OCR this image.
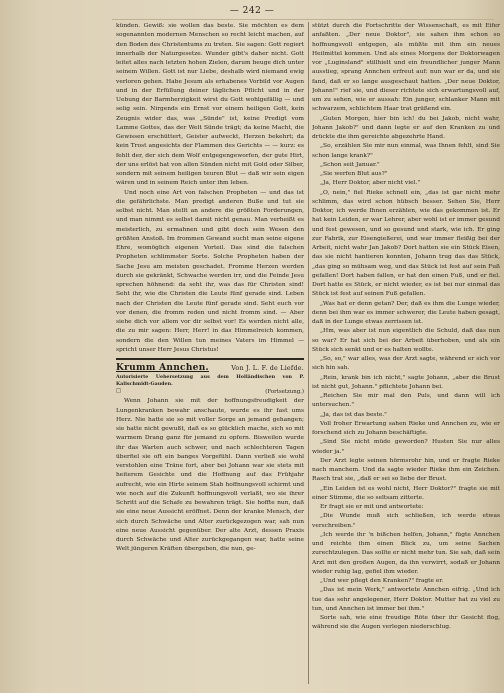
— 242 —

künden. Gewiß: sie wollen das beste. Sie möchten es dem sogenannten modernen Menschen so recht leicht machen, auf den Boden des Christentums zu treten. Sie sagen: Gott regiert innerhalb der Naturgesetze. Wunder gibt's daher nicht. Gott leitet alles nach letzten hohen Zielen, darum beuge dich unter seinem Willen. Gott ist nur Liebe, deshalb wird niemand ewig verloren gehen. Habe Jesum als erhabenes Vorbild vor Augen und in der Erfüllung deiner täglichen Pflicht und in der Uebung der Barmherzigkeit wirst du Gott wohlgefällig — und selig sein. Nirgends ein Ernst vor einem heiligen Gott, kein Zeugnis wider das, was „Sünde" ist, keine Predigt vom Lamme Gottes, das der Welt Sünde trägt; da keine Macht, die Gewissen erschüttert, Geister aufweckt, Herzen bekehrt; da kein Trost angesichts der Flammen des Gerichts — — kurz: es fehlt der, der sich dem Wolf entgegengeworfen, der gute Hirt, der uns erlöst hat von allen Sünden nicht mit Gold oder Silber, sondern mit seinem heiligen teuren Blut — daß wir sein eigen wären und in seinem Reich unter ihm leben.

Und noch eine Art von falschen Propheten — und das ist die gefährlichste. Man predigt anderen Buße und tut sie selbst nicht. Man stellt an andere die größten Forderungen, und man nimmt es selbst damit nicht genau. Man verheißt es meisterlich, zu ermahnen und gibt doch sein Wesen den größten Anstoß. Im frommen Gewand sucht man seine eigene Ehre, womöglich eigenen Vorteil. Das sind die falschen Propheten schlimmster Sorte. Solche Propheten haben der Sache Jesu am meisten geschadet. Fromme Herzen werden durch sie gekränkt, Schwache werden irr, und die Feinde Jesu sprechen höhnend: da seht ihr, was das für Christen sind! Seht ihr, wie die Christen die Leute fünf gerade sind. Leben nach der Christen die Leute fünf gerade sind. Seht euch vor vor denen, die fromm reden und nicht fromm sind. — Aber siehe dich vor allem vor dir selbst vor! Es werden nicht alle, die zu mir sagen: Herr, Herr! in das Himmelreich kommen, sondern die den Willen tun meines Vaters im Himmel — spricht unser Herr Jesus Christus!

Krumm Annchen.	Von J. L. F. de Liefde.
Autorisierte Uebersetzung aus dem Holländischen von P. Kalischmidt-Gauden.
□	(Fortsetzung.)

Wenn Johann sie mit der hoffnungsfreudigkeit der Lungenkranken bewahr anschaute, wurde es ihr fast ums Herz. Nie hatte sie so mit voller Sorge an jemand gehangen; sie hatte nicht gewußt, daß es so glücklich mache, sich so mit warmem Drang ganz für jemand zu opfern. Bisweilen wurde ihr das Warten auch schwer, und nach schlechteren Tagen überfiel sie oft ein banges Vorgefühl. Dann verließ sie wohl verstohlen eine Träne fort, aber bei Johann war sie stets mit heiterem Gesichte und die Hoffnung auf das Frühjahr aufrecht, wie ein Hirte seinem Stab hoffnungsvoll schirmt und wie noch auf die Zukunft hoffnungsvoll verlaßt, wo sie ihrer Schritt auf die Schafe zu bewahren trägt. Sie hoffte nun, daß sie eine neue Aussicht eröffnet. Denn der kranke Mensch, der sich durch Schwäche und Alter zurückgezogen war, sah nun eine neue Aussicht gegenüber. Der alte Arzt, dessen Praxis durch Schwäche und Alter zurückgegangen war, hatte seine Welt jüngeren Kräften übergeben, die nun, ge-

stützt durch die Fortschritte der Wissenschaft, es mit Eifer anfaßten. „Der neue Doktor", sie sahen ihm schon so hoffnungsvoll entgegen, als müßte mit ihm ein neues Heilmittel kommen. Und als eines Morgens der Doktorwagen vor „Luginsland" stillhielt und ein freundlicher junger Mann ausstieg, sprang Annchen erfreut auf: nun war er da, und sie fand, daß er so lange ausgeschaut hatten. „Der neue Doktor, Johann!" rief sie, und dieser richtete sich erwartungsvoll auf, um zu sehen, wie er aussah: Ein junger, schlanker Mann mit schwarzem, schlichtem Haar trat grüßend ein.

„Guten Morgen, hier bin ich! du bei Jakob, nicht wahr, Johann Jakob?" und dann legte er auf den Kranken zu und drückte die ihm gereichte abgezehrte Hand.

„So, erzählen Sie mir nun einmal, was Ihnen fehlt, sind Sie schon lange krank?"

„Schon seit Januar."

„Sie werfen Blut aus?"

„Ja, Herr Doktor, aber nicht viel."

„O, nein," fiel Rieke schnell ein, „das ist gar nicht mehr schlimm, das wird schon hübsch besser. Sehen Sie, Herr Doktor, ich werde Ihnen erzählen, wie das gekommen ist. Er hat kein Leiden, er war Lehrer, aber wohl ist er immer gesund und fest gewesen, und so gesund und stark, wie ich. Er ging zur Fabrik, zur Eisengießerei, und war immer fleißig bei der Arbeit, nicht wahr Jan Jakob? Dort hatten sie ein Stück Eisen, das sie nicht hantieren konnten, Johann trug das das Stück, „das ging so mühsam weg, und das Stück ist fest auf sein Fuß gefallen! Dort haben fallen, er hat den einen Fuß, und er fiel. Dort hatte es Stück, er nicht wieder, es ist bei nur einmal das Stück ist fest auf seinen Fuß gefallen.

„Was hat er denn getan? Der, daß es ihm die Lunge wieder, denn bei ihm war es immer schwerer, die Leute haben gesagt, daß in der Lunge etwas zerrissen ist.

„Hm, was aber ist nun eigentlich die Schuld, daß das nun so war? Er hat sich bei der Arbeit überhoben, und als ein Stück sich senkt und er es halten wollte.

„So, so," war alles, was der Arzt sagte, während er sich vor sich hin sah.

„Rein, krank bin ich nicht," sagte Johann, „aber die Brust ist nicht gut, Johann." pflichtete Johann bei.

„Reichen Sie mir mal den Puls, und dann will ich untersuchen."

„Ja, das ist das beste."

Voll froher Erwartung sahen Rieke und Annchen zu, wie er forschend sich zu Johann beschäftigte.

„Sind Sie nicht müde geworden? Husten Sie nur alles wieder ja."

Der Arzt legte seinen hörmsrohr hin, und er fragte Rieke nach manchem. Und da sagte wieder Rieke ihm ein Zeichen. Rasch trat sie, „daß er sei so liebe der Brust.

„Ein Leiden ist es wohl nicht, Herr Doktor?" fragte sie mit einer Stimme, die so seltsam zitterte.

Er fragt sie er mit und antwortete:

„Die Wunde muß sich schließen, ich werde etwas verschreiben."

„Ich werde ihr 'n bißchen helfen, Johann," fügte Annchen und reichte ihm einen Blick zu, um seine Sachen zurechtzulegen. Das sollte er nicht mehr tun. Sie sah, daß sein Arzt mit den großen Augen, da ihn verwirrt, sodaß er Johann wieder ruhig lag, gefiel ihm wieder.

„Und wer pflegt den Kranken?" fragte er.

„Das ist mein Werk," antwortete Annchen eifrig. „Und ich tue das sehr angelegener, Herr Doktor. Mutter hat zu viel zu tun, und Annchen ist immer bei ihm."

Sorte sah, wie eine freudige Röte über ihr Gesicht flog, während sie die Augen verlegen niederschlug.
